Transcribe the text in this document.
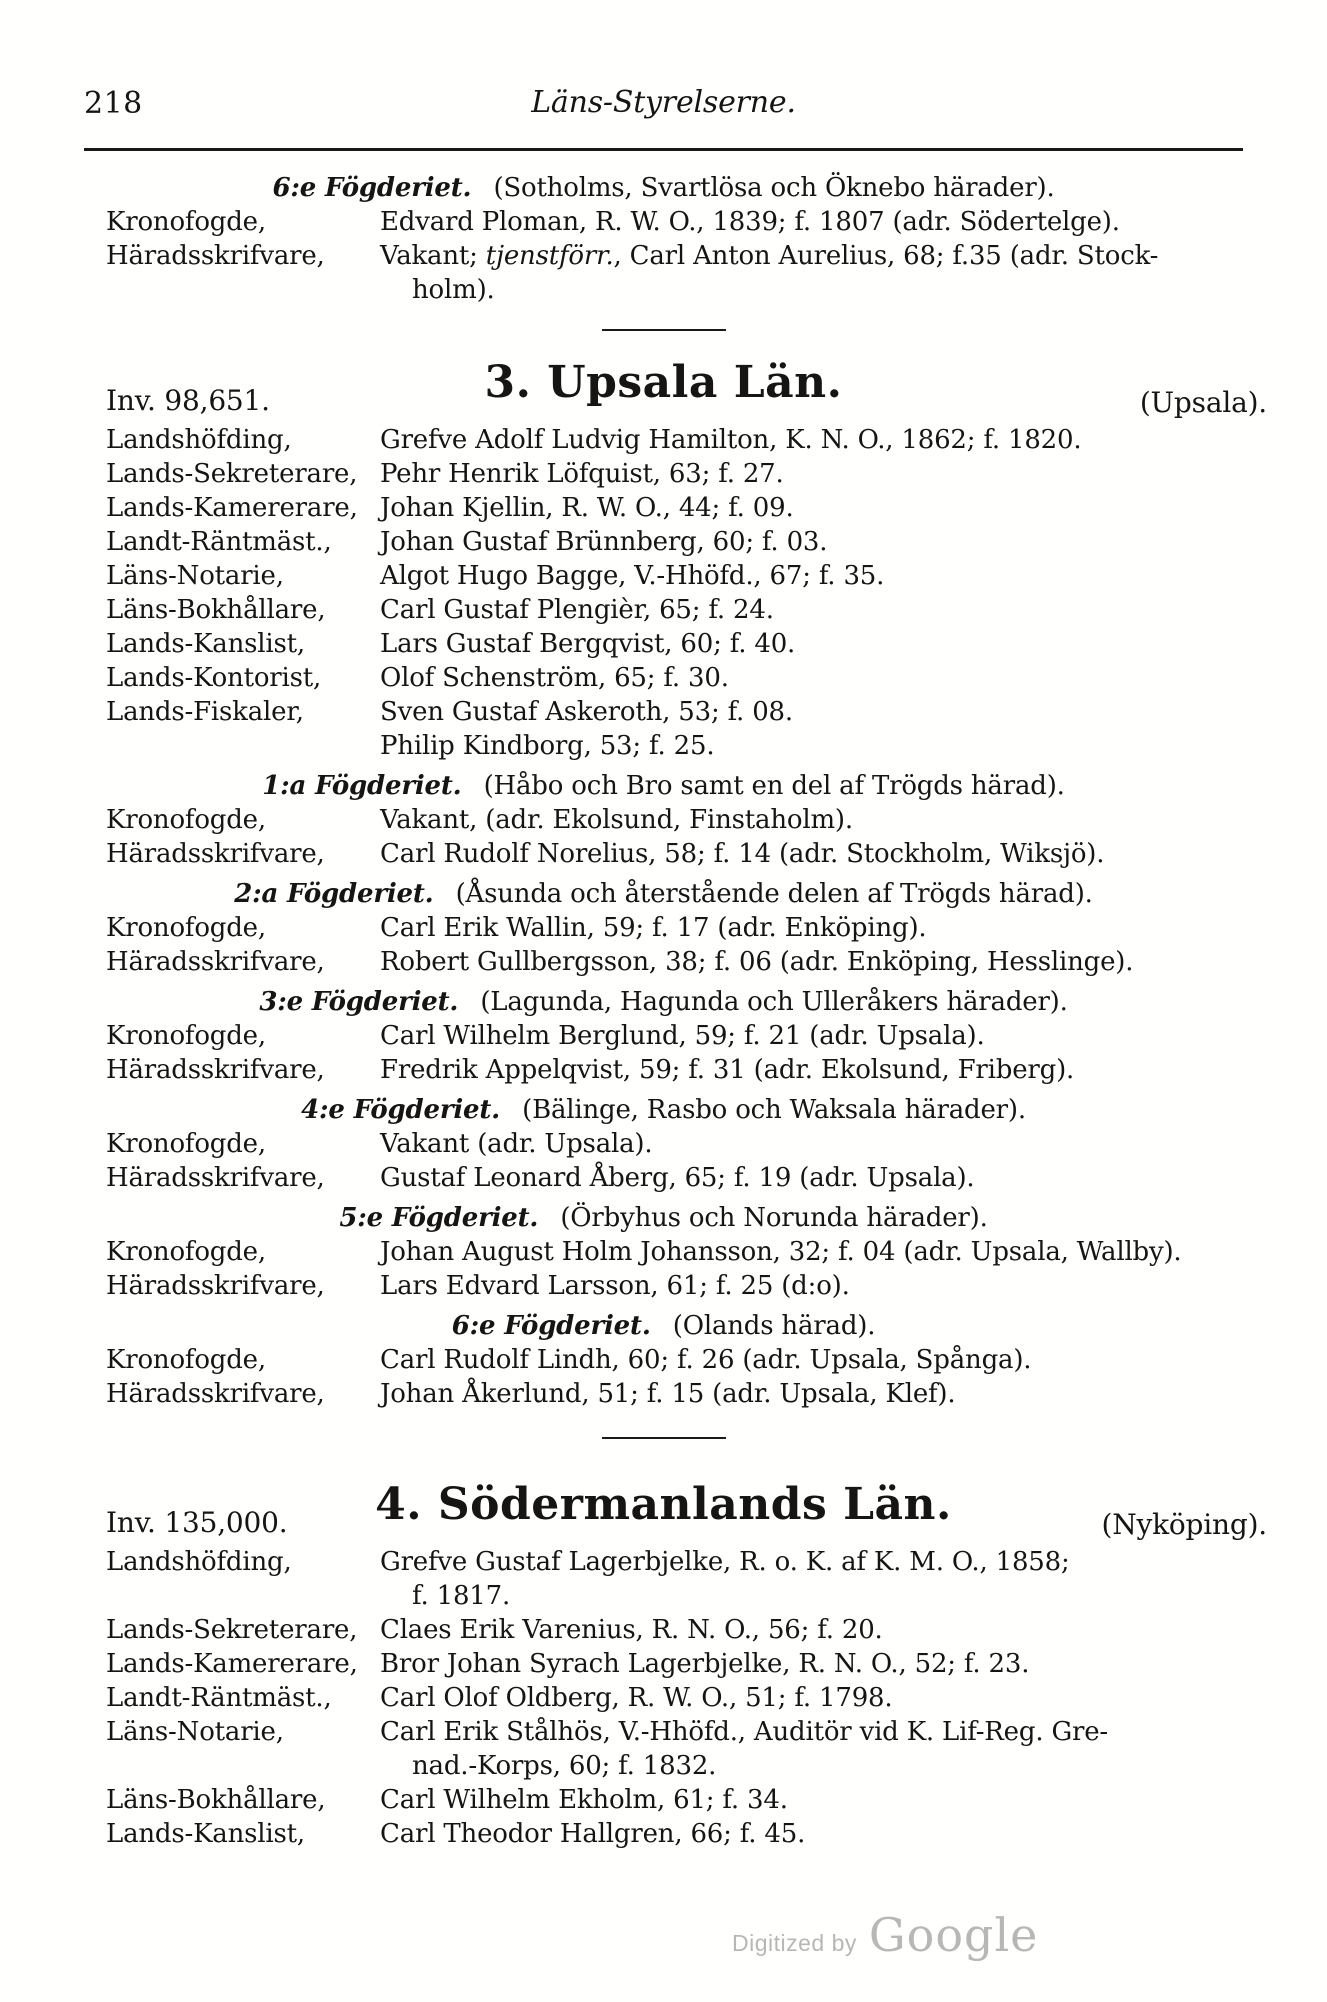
218	Läns-Styrelserne.
6:e Fögderiet. (Sotholms, Svartlösa och Öknebo härader).
Kronofogde,	Edvard Ploman, R. W. O., 1839; f. 1807 (adr. Södertelge).
Häradsskrifvare,	Vakant; tjenstförr., Carl Anton Aurelius, 68; f.35 (adr. Stock-
holm).
Inv. 98,651.	3. Upsala Län.	(Upsala).
Landshöfding,	Grefve Adolf Ludvig Hamilton, K. N. O., 1862; f. 1820.
Lands-Sekreterare, Pehr Henrik Löfquist, 63; f. 27.
Lands-Kamererare, Johan Kjellin, R. W. O., 44; f. 09.
Landt-Räntmäst.,	Johan Gustaf Brünnberg, 60; f. 03.
Läns-Notarie,	Algot Hugo Bagge, V.-Hhöfd., 67; f. 35.
Läns-Bokhållare,	Carl Gustaf Plengièr, 65; f. 24.
Lands-Kanslist,	Lars Gustaf Bergqvist, 60; f. 40.
Lands-Kontorist,	Olof Schenström, 65; f. 30.
Lands-Fiskaler,	Sven Gustaf Askeroth, 53; f. 08.
Philip Kindborg, 53; f. 25.
1:a Fögderiet. (Håbo och Bro samt en del af Trögds härad).
Kronofogde,	Vakant, (adr. Ekolsund, Finstaholm).
Häradsskrifvare,	Carl Rudolf Norelius, 58; f. 14 (adr. Stockholm, Wiksjö).
2:a Fögderiet. (Åsunda och återstående delen af Trögds härad).
Kronofogde,	Carl Erik Wallin, 59; f. 17 (adr. Enköping).
Häradsskrifvare,	Robert Gullbergsson, 38; f. 06 (adr. Enköping, Hesslinge).
3:e Fögderiet. (Lagunda, Hagunda och Ulleråkers härader).
Kronofogde,	Carl Wilhelm Berglund, 59; f. 21 (adr. Upsala).
Häradsskrifvare,	Fredrik Appelqvist, 59; f. 31 (adr. Ekolsund, Friberg).
4:e Fögderiet. (Bälinge, Rasbo och Waksala härader).
Kronofogde,	Vakant (adr. Upsala).
Häradsskrifvare,	Gustaf Leonard Åberg, 65; f. 19 (adr. Upsala).
5:e Fögderiet. (Örbyhus och Norunda härader).
Kronofogde,	Johan August Holm Johansson, 32; f. 04 (adr. Upsala, Wallby).
Häradsskrifvare,	Lars Edvard Larsson, 61; f. 25 (d:o).
6:e Fögderiet. (Olands härad).
Kronofogde,	Carl Rudolf Lindh, 60; f. 26 (adr. Upsala, Spånga).
Häradsskrifvare,	Johan Åkerlund, 51; f. 15 (adr. Upsala, Klef).
Inv. 135,000.	4. Södermanlands Län.	(Nyköping).
Landshöfding,	Grefve Gustaf Lagerbjelke, R. o. K. af K. M. O., 1858;
f. 1817.
Lands-Sekreterare, Claes Erik Varenius, R. N. O., 56; f. 20.
Lands-Kamererare, Bror Johan Syrach Lagerbjelke, R. N. O., 52; f. 23.
Landt-Räntmäst.,	Carl Olof Oldberg, R. W. O., 51; f. 1798.
Läns-Notarie,	Carl Erik Stålhös, V.-Hhöfd., Auditör vid K. Lif-Reg. Gre-
nad.-Korps, 60; f. 1832.
Läns-Bokhållare,	Carl Wilhelm Ekholm, 61; f. 34.
Lands-Kanslist,	Carl Theodor Hallgren, 66; f. 45.
Digitized by Google
